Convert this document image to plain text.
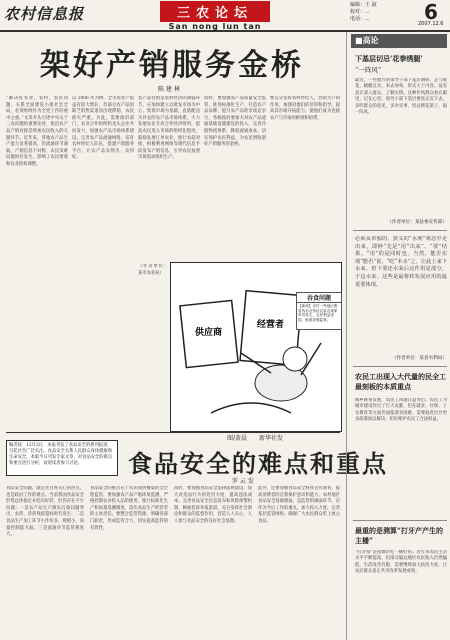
农村信息报	三农论坛
San nong lun tan
编辑：王 淑
校对：...
电话：...	6
2007.12.6
架好产销服务金桥
陈 建 林
“解决好农业、农村、农民问题，关系全面建设小康社会全局，必须始终作为全党工作的重中之重。”文章开头引述中央关于三农问题的重要论述，指出农产品产销对接是增加农民收入的关键环节。近年来，各地农产品生产能力显著提高，但流通环节薄弱，产销信息不对称，农民卖难问题时有发生，影响了农民增收和农业结构调整。
以 2006 年为例，全市农业产值虽有较大增长，但部分农产品因缺乏销售渠道而出现滞销，农民损失严重。为此，需要政府部门、农业合作组织和龙头企业共同发力，加强农产品市场体系建设，完善农产品流通网络，培育农村经纪人队伍，搭建产销服务平台，让农产品卖得出、卖得好。
农产品营销是农村经济的薄弱环节。应加快建立以批发市场为中心、集贸市场为基础、直销配送为补充的农产品市场体系，大力发展农民专业合作经济组织，提高农民进入市场的组织化程度，鼓励发展订单农业，推行农超对接，积极利用网络等现代信息手段发布产销信息，引导农民按照市场需求组织生产。
同时，要加强农产品质量安全监管，推进标准化生产，打造农产品品牌，提升农产品的市场竞争力。各级政府要加大对农产品流通基础设施建设的投入，完善冷链物流体系，降低流通成本，切实保护农民利益，为农民增收架好产销服务的金桥。
要充分发挥农村经纪人、营销大户的作用，加强对他们的培训和指导，提高其市场开拓能力，使他们成为连接农户与市场的桥梁和纽带。
（作者单位：某市农业局）
供应商
经营者
吞食问题
【新闻】农村一些地区假冒伪劣农资坑农害农现象时有发生，农民利益受损，亟需加强监管。
图/黄晨　　新华社发
编者按：12月2日，本报刊发了食品安全的系列报道，引起社会广泛关注。食品安全关系人民群众身体健康和生命安全，本版今日刊发专家文章，对食品安全的难点和重点进行分析，欢迎读者参与讨论。	食品安全的难点和重点
罗 云 发
食品安全问题，既是老百姓关心的热点，也是政府工作的难点。当前我国食品安全形势总体稳定并趋向好转，但仍存在不少问题：一是农产品生产源头污染问题突出，农药、兽药残留超标时有发生；二是食品生产加工环节小作坊多、规模小，质量控制能力弱；三是流通环节监管难度大。
食品安全的重点在于从田间到餐桌的全过程监管。要加强农产品产地环境监测，严格控制农业投入品的使用，推行标准化生产和质量追溯制度，落实食品生产经营者的主体责任。要整合监管资源，明确各部门职责，形成监管合力，切实提高监管的有效性。
同时，要加强食品安全法律法规建设，加大对违法行为的处罚力度，提高违法成本。完善食品安全信息发布和风险预警机制，畅通投诉举报渠道，充分发挥社会舆论和群众的监督作用，营造人人关心、人人参与食品安全的良好社会氛围。
此外，还要加强食品安全科普宣传教育，提高消费者的自我保护意识和能力。农村地区食品安全基础薄弱，是监管的薄弱环节，应作为今后工作的重点，加大投入力度，完善基层监管网络，确保广大农民群众吃上放心食品。
■高论
下基层切忌‘花拳绣腿’
“一阵风”
最近，一些地方的领导干部下基层调研，走马观花，蜻蜓点水，来去匆匆，形式大于内容，没有真正深入群众，了解实情。这种作风群众看在眼里，记在心里，领导干部下基层要真正沉下去，多听群众的意见，多办实事，切忌摆花架子、搞一阵风。
（作者单位：某县委宣传部）
必须从单独的、狭义的“水利”观念中走出来，即种“先是”用“出来”、“要”结果。“用”的是同时也，当然，能否实现“能否”说，“吃“本水”之，让此上来下水来，但下要还水来后这作用是部分，于这水来。这些是最将转发展应用的最重要体现。
（作者单位：某县水利局）
农民工出现入大代量的民全工最刻板的本质重点
城乡统筹发展，农民工问题日益突出。农民工为城市建设作出了巨大贡献，但在就业、社保、子女教育等方面仍面临诸多困难，需要政府出台更多政策加以解决，切实维护农民工合法权益。
最重的是测算“打牙产产生的主播”
“打牙祭”是指偶尔吃一顿好的。近年来农民生活水平不断提高，但部分偏远地区农民收入仍然偏低，生活改善有限，需要继续加大扶持力度，让农民群众真正共享改革发展成果。
